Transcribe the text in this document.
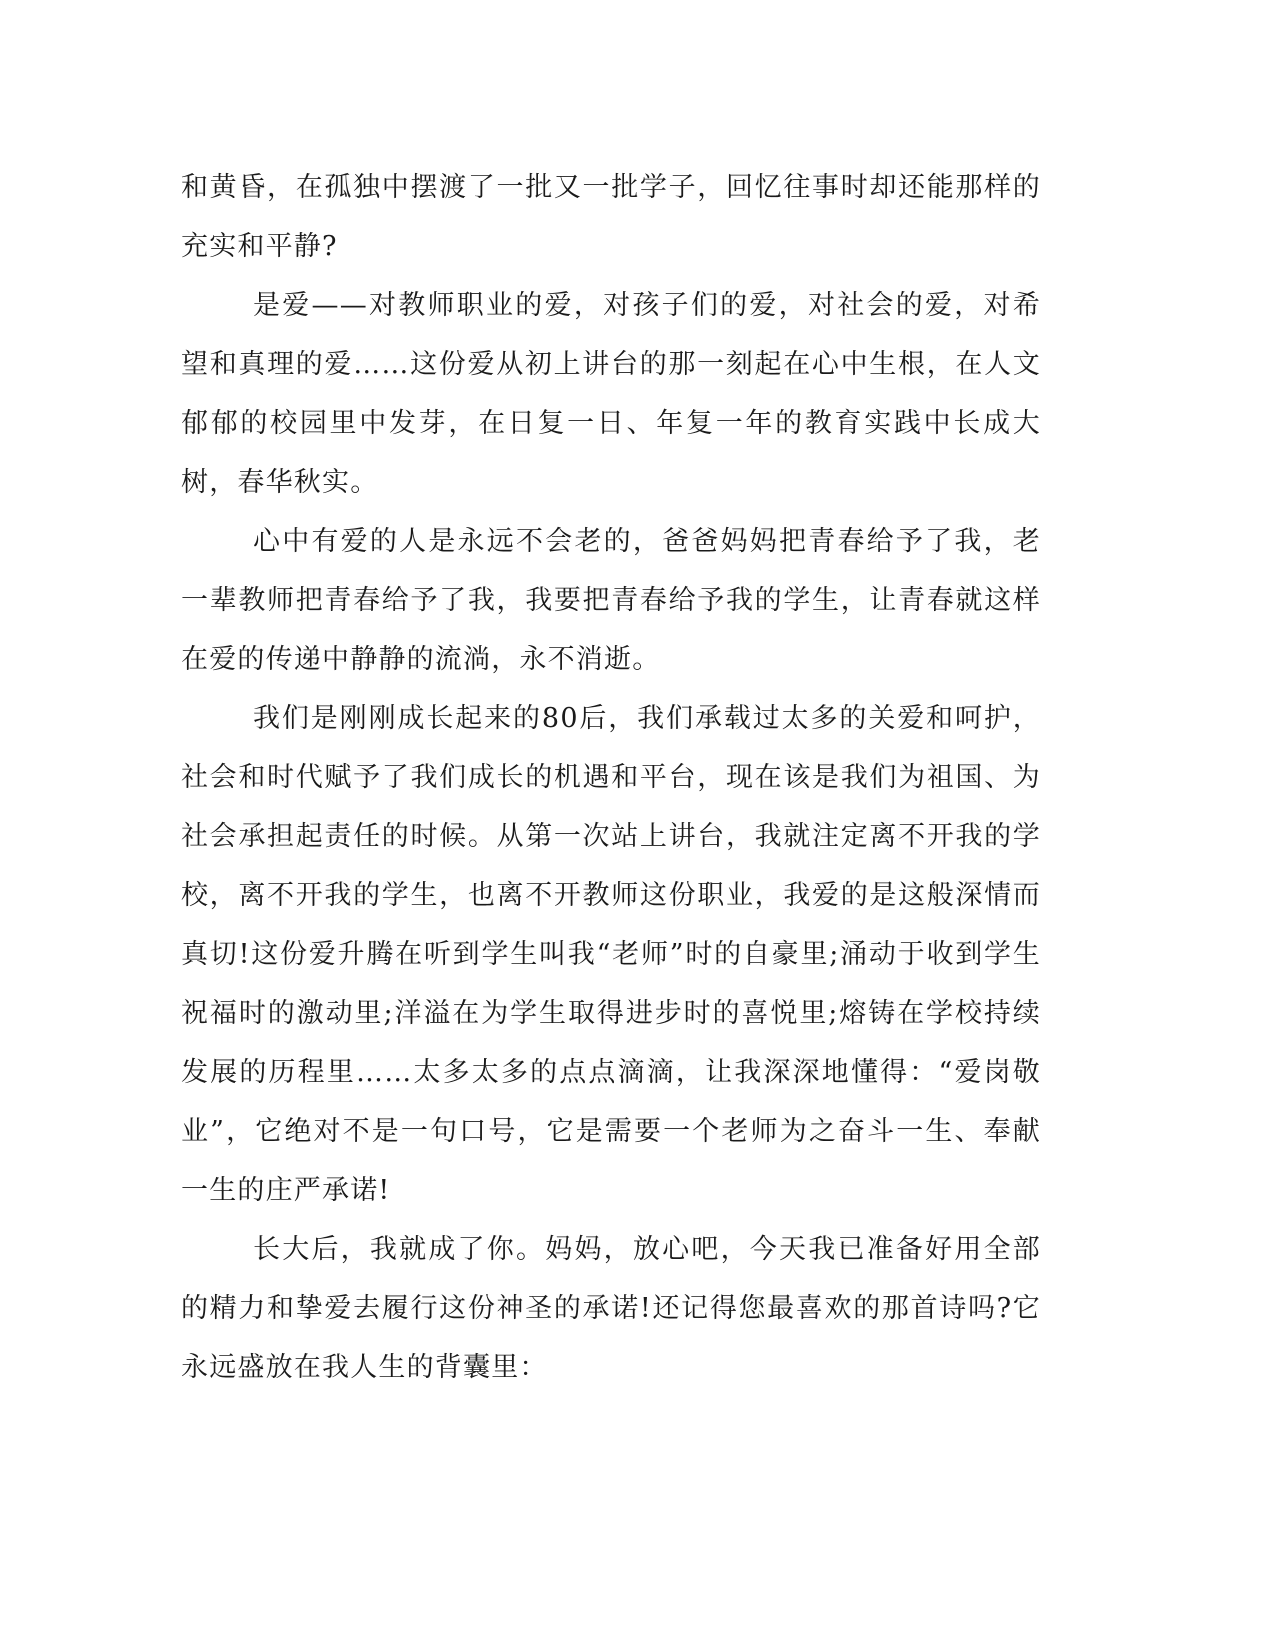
和黄昏，在孤独中摆渡了一批又一批学子，回忆往事时却还能那样的充实和平静?

是爱——对教师职业的爱，对孩子们的爱，对社会的爱，对希望和真理的爱……这份爱从初上讲台的那一刻起在心中生根，在人文郁郁的校园里中发芽，在日复一日、年复一年的教育实践中长成大树，春华秋实。

心中有爱的人是永远不会老的，爸爸妈妈把青春给予了我，老一辈教师把青春给予了我，我要把青春给予我的学生，让青春就这样在爱的传递中静静的流淌，永不消逝。

我们是刚刚成长起来的80后，我们承载过太多的关爱和呵护，社会和时代赋予了我们成长的机遇和平台，现在该是我们为祖国、为社会承担起责任的时候。从第一次站上讲台，我就注定离不开我的学校，离不开我的学生，也离不开教师这份职业，我爱的是这般深情而真切!这份爱升腾在听到学生叫我“老师”时的自豪里;涌动于收到学生祝福时的激动里;洋溢在为学生取得进步时的喜悦里;熔铸在学校持续发展的历程里……太多太多的点点滴滴，让我深深地懂得：“爱岗敬业”，它绝对不是一句口号，它是需要一个老师为之奋斗一生、奉献一生的庄严承诺!

长大后，我就成了你。妈妈，放心吧，今天我已准备好用全部的精力和挚爱去履行这份神圣的承诺!还记得您最喜欢的那首诗吗?它永远盛放在我人生的背囊里：
